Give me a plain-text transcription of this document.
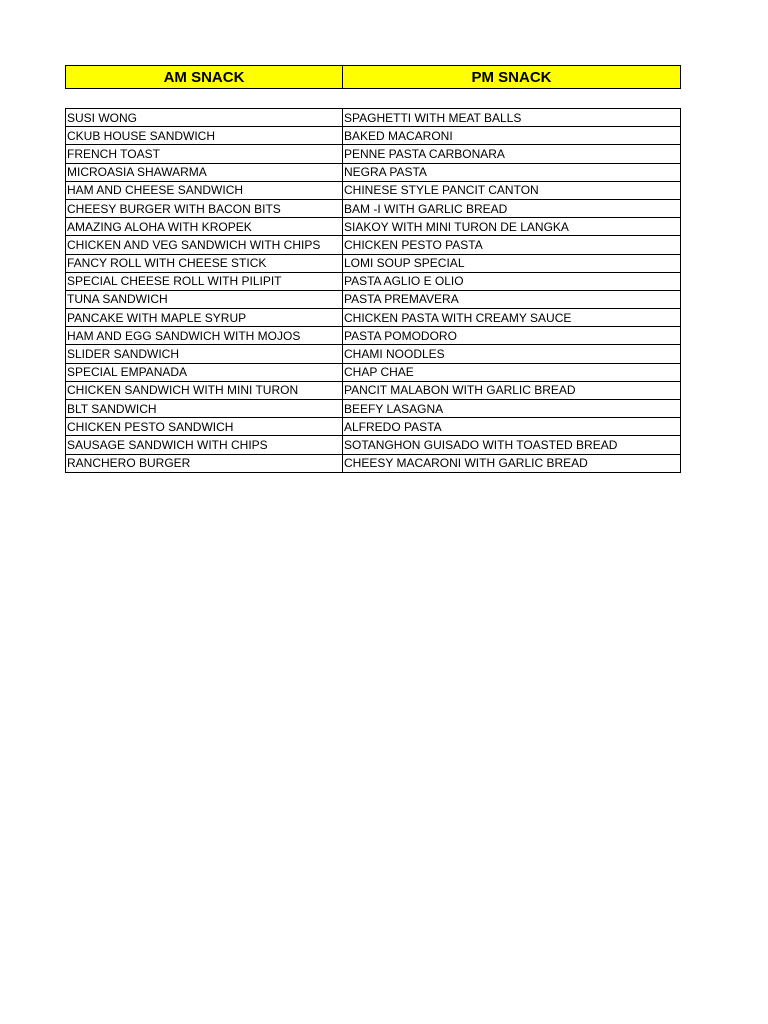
AM SNACK	PM SNACK
SUSI WONG	SPAGHETTI WITH MEAT BALLS
CKUB HOUSE SANDWICH	BAKED MACARONI
FRENCH TOAST	PENNE PASTA CARBONARA
MICROASIA SHAWARMA	NEGRA PASTA
HAM AND CHEESE SANDWICH	CHINESE STYLE PANCIT CANTON
CHEESY BURGER WITH BACON BITS	BAM -I WITH GARLIC BREAD
AMAZING ALOHA WITH KROPEK	SIAKOY WITH MINI TURON DE LANGKA
CHICKEN AND VEG SANDWICH WITH CHIPS	CHICKEN PESTO PASTA
FANCY ROLL WITH CHEESE STICK	LOMI SOUP SPECIAL
SPECIAL CHEESE ROLL WITH PILIPIT	PASTA AGLIO E OLIO
TUNA SANDWICH	PASTA PREMAVERA
PANCAKE WITH MAPLE SYRUP	CHICKEN PASTA WITH CREAMY SAUCE
HAM AND EGG SANDWICH WITH MOJOS	PASTA POMODORO
SLIDER SANDWICH	CHAMI NOODLES
SPECIAL EMPANADA	CHAP CHAE
CHICKEN SANDWICH WITH MINI TURON	PANCIT MALABON WITH GARLIC BREAD
BLT SANDWICH	BEEFY LASAGNA
CHICKEN PESTO SANDWICH	ALFREDO PASTA
SAUSAGE SANDWICH WITH CHIPS	SOTANGHON GUISADO WITH TOASTED BREAD
RANCHERO BURGER	CHEESY MACARONI WITH GARLIC BREAD
